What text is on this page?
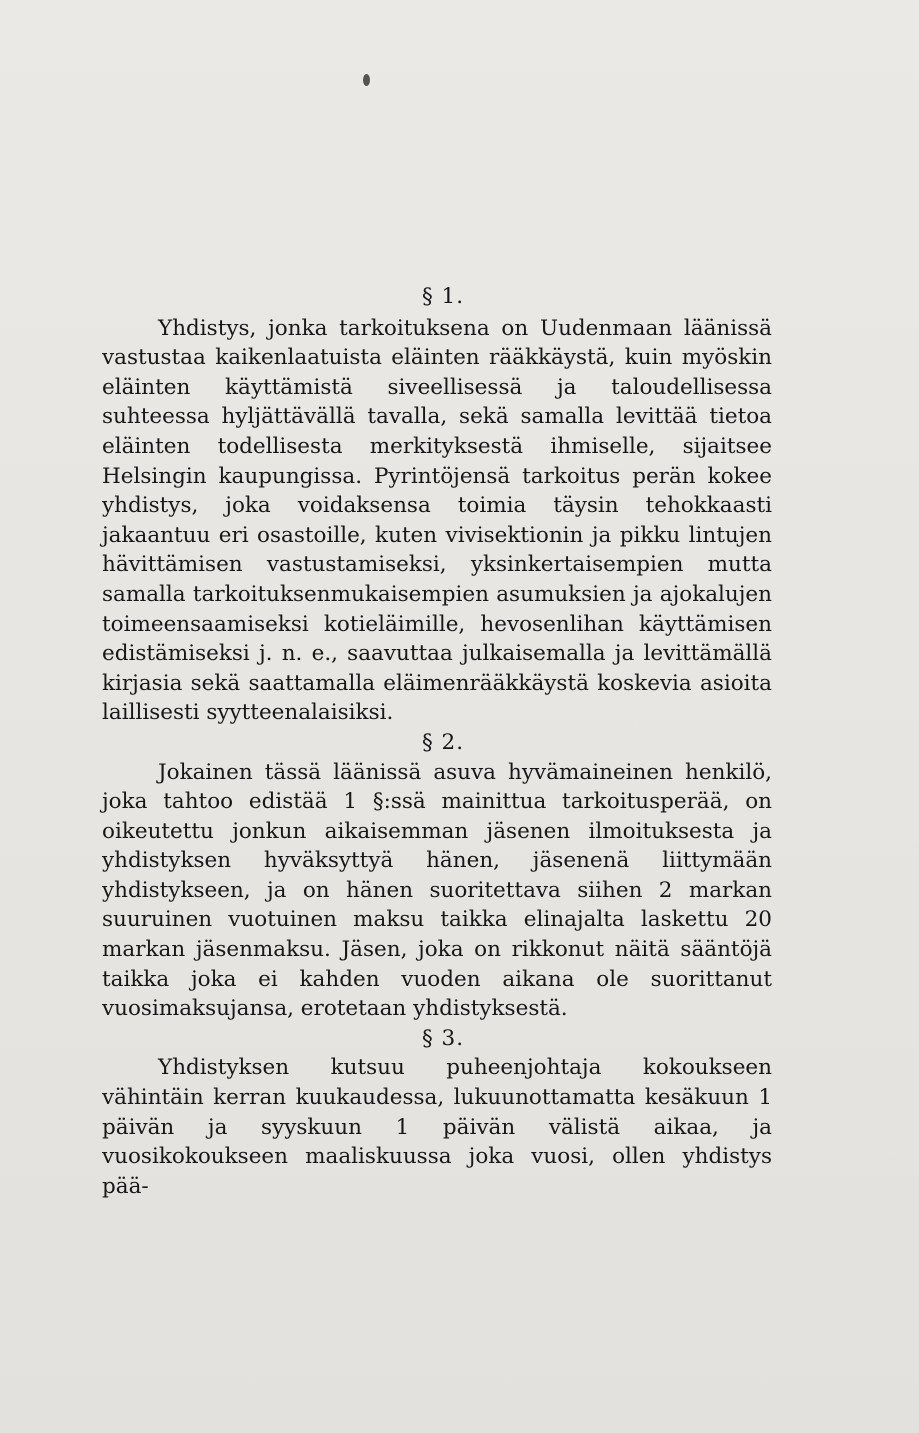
§ 1.

Yhdistys, jonka tarkoituksena on Uudenmaan läänissä vastustaa kaikenlaatuista eläinten rääkkäystä, kuin myöskin eläinten käyttämistä siveellisessä ja taloudellisessa suhteessa hyljättävällä tavalla, sekä samalla levittää tietoa eläinten todellisesta merkityksestä ihmiselle, sijaitsee Helsingin kaupungissa. Pyrintöjensä tarkoitus perän kokee yhdistys, joka voidaksensa toimia täysin tehokkaasti jakaantuu eri osastoille, kuten vivisektionin ja pikku lintujen hävittämisen vastustamiseksi, yksinkertaisempien mutta samalla tarkoituksenmukaisempien asumuksien ja ajokalujen toimeensaamiseksi kotieläimille, hevosenlihan käyttämisen edistämiseksi j. n. e., saavuttaa julkaisemalla ja levittämällä kirjasia sekä saattamalla eläimenrääkkäystä koskevia asioita laillisesti syytteenalaisiksi.

§ 2.

Jokainen tässä läänissä asuva hyvämaineinen henkilö, joka tahtoo edistää 1 §:ssä mainittua tarkoitusperää, on oikeutettu jonkun aikaisemman jäsenen ilmoituksesta ja yhdistyksen hyväksyttyä hänen, jäsenenä liittymään yhdistykseen, ja on hänen suoritettava siihen 2 markan suuruinen vuotuinen maksu taikka elinajalta laskettu 20 markan jäsenmaksu. Jäsen, joka on rikkonut näitä sääntöjä taikka joka ei kahden vuoden aikana ole suorittanut vuosimaksujansa, erotetaan yhdistyksestä.

§ 3.

Yhdistyksen kutsuu puheenjohtaja kokoukseen vähintäin kerran kuukaudessa, lukuunottamatta kesäkuun 1 päivän ja syyskuun 1 päivän välistä aikaa, ja vuosikokoukseen maaliskuussa joka vuosi, ollen yhdistys pää-
